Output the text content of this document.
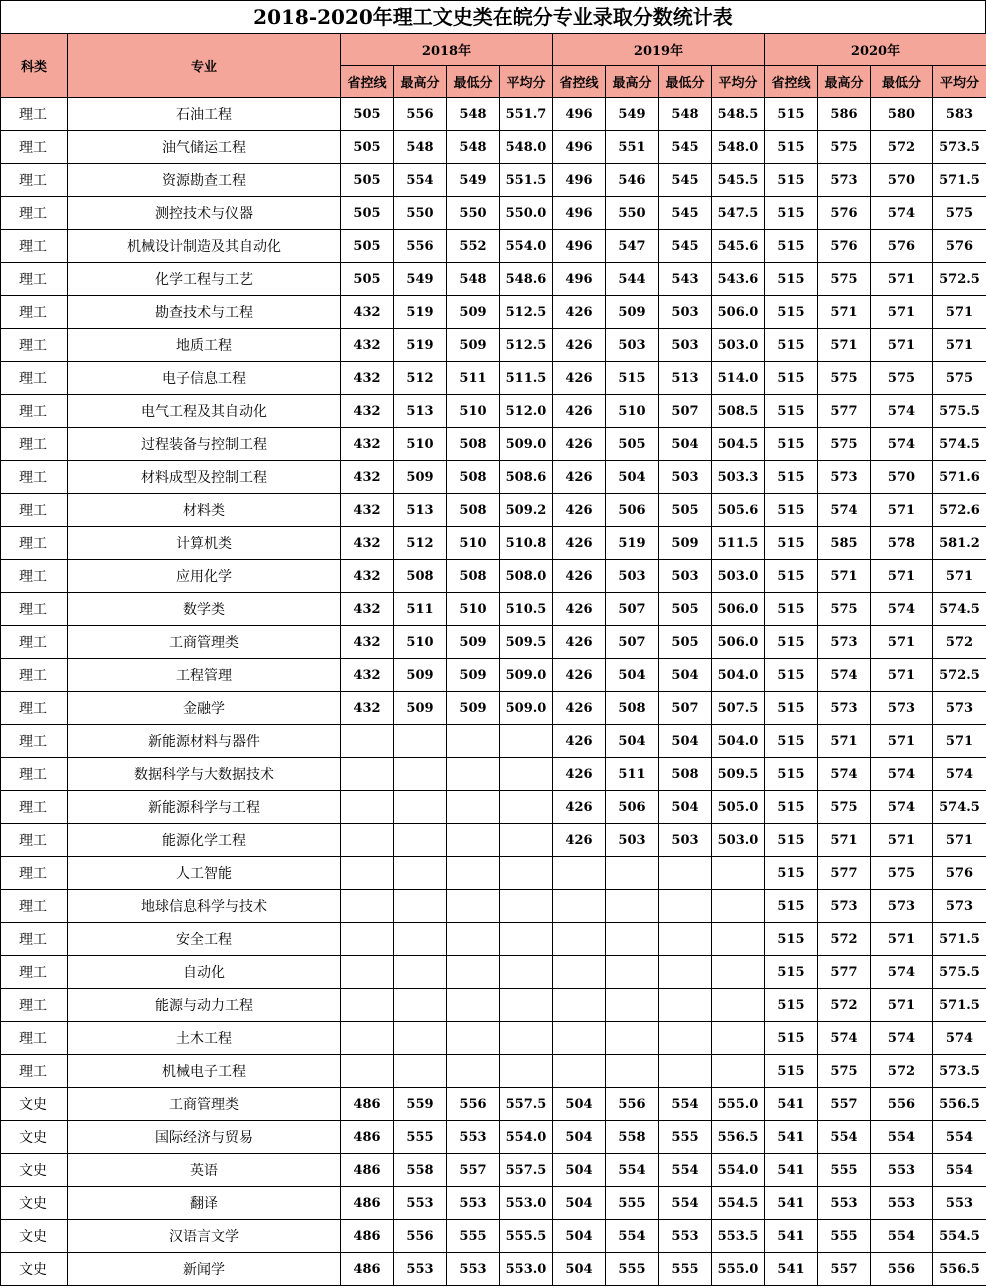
2018-2020年理工文史类在皖分专业录取分数统计表
科类	专业	2018年				2019年				2020年			
		省控线	最高分	最低分	平均分	省控线	最高分	最低分	平均分	省控线	最高分	最低分	平均分
理工	石油工程	505	556	548	551.7	496	549	548	548.5	515	586	580	583
理工	油气储运工程	505	548	548	548.0	496	551	545	548.0	515	575	572	573.5
理工	资源勘查工程	505	554	549	551.5	496	546	545	545.5	515	573	570	571.5
理工	测控技术与仪器	505	550	550	550.0	496	550	545	547.5	515	576	574	575
理工	机械设计制造及其自动化	505	556	552	554.0	496	547	545	545.6	515	576	576	576
理工	化学工程与工艺	505	549	548	548.6	496	544	543	543.6	515	575	571	572.5
理工	勘查技术与工程	432	519	509	512.5	426	509	503	506.0	515	571	571	571
理工	地质工程	432	519	509	512.5	426	503	503	503.0	515	571	571	571
理工	电子信息工程	432	512	511	511.5	426	515	513	514.0	515	575	575	575
理工	电气工程及其自动化	432	513	510	512.0	426	510	507	508.5	515	577	574	575.5
理工	过程装备与控制工程	432	510	508	509.0	426	505	504	504.5	515	575	574	574.5
理工	材料成型及控制工程	432	509	508	508.6	426	504	503	503.3	515	573	570	571.6
理工	材料类	432	513	508	509.2	426	506	505	505.6	515	574	571	572.6
理工	计算机类	432	512	510	510.8	426	519	509	511.5	515	585	578	581.2
理工	应用化学	432	508	508	508.0	426	503	503	503.0	515	571	571	571
理工	数学类	432	511	510	510.5	426	507	505	506.0	515	575	574	574.5
理工	工商管理类	432	510	509	509.5	426	507	505	506.0	515	573	571	572
理工	工程管理	432	509	509	509.0	426	504	504	504.0	515	574	571	572.5
理工	金融学	432	509	509	509.0	426	508	507	507.5	515	573	573	573
理工	新能源材料与器件					426	504	504	504.0	515	571	571	571
理工	数据科学与大数据技术					426	511	508	509.5	515	574	574	574
理工	新能源科学与工程					426	506	504	505.0	515	575	574	574.5
理工	能源化学工程					426	503	503	503.0	515	571	571	571
理工	人工智能									515	577	575	576
理工	地球信息科学与技术									515	573	573	573
理工	安全工程									515	572	571	571.5
理工	自动化									515	577	574	575.5
理工	能源与动力工程									515	572	571	571.5
理工	土木工程									515	574	574	574
理工	机械电子工程									515	575	572	573.5
文史	工商管理类	486	559	556	557.5	504	556	554	555.0	541	557	556	556.5
文史	国际经济与贸易	486	555	553	554.0	504	558	555	556.5	541	554	554	554
文史	英语	486	558	557	557.5	504	554	554	554.0	541	555	553	554
文史	翻译	486	553	553	553.0	504	555	554	554.5	541	553	553	553
文史	汉语言文学	486	556	555	555.5	504	554	553	553.5	541	555	554	554.5
文史	新闻学	486	553	553	553.0	504	555	555	555.0	541	557	556	556.5
